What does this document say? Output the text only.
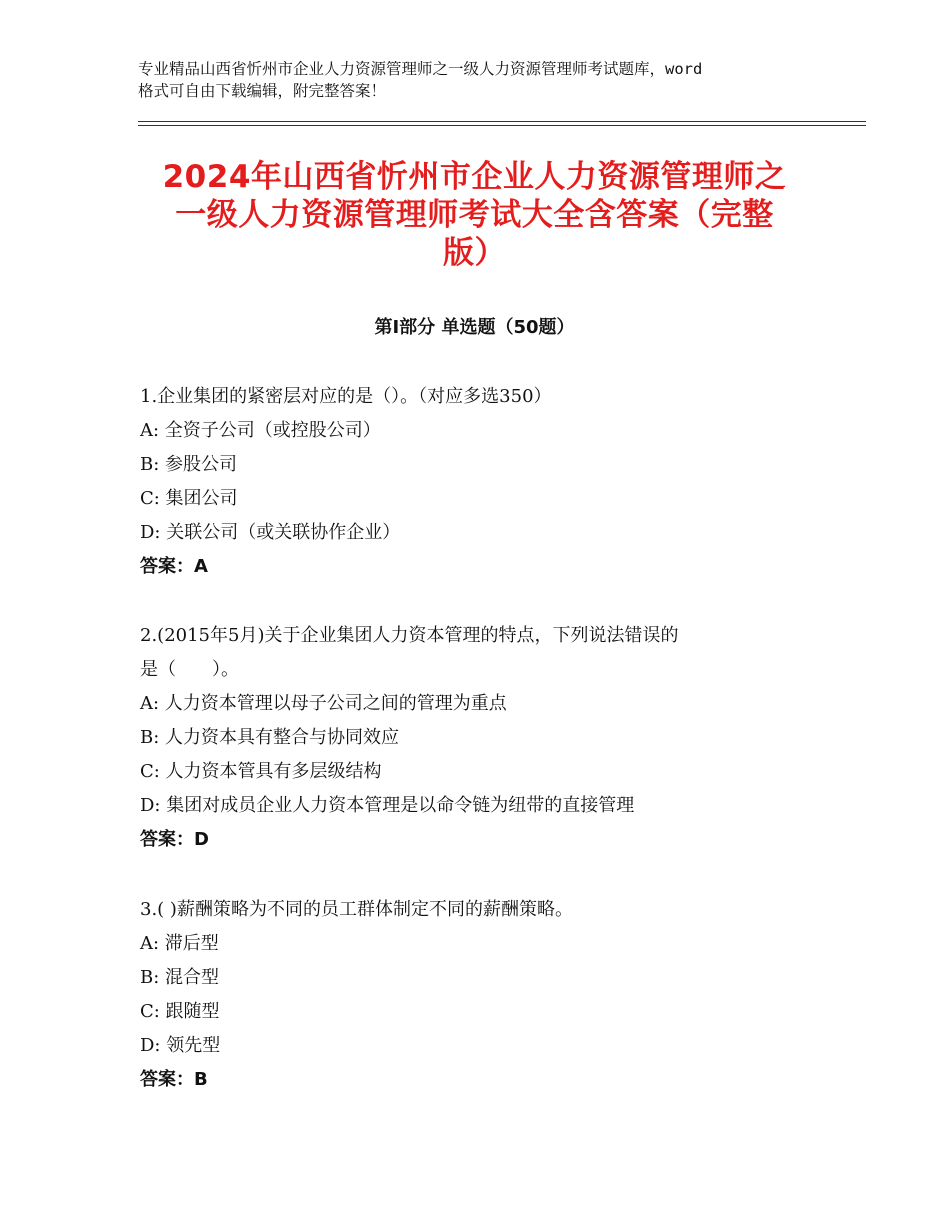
专业精品山西省忻州市企业人力资源管理师之一级人力资源管理师考试题库，word
格式可自由下载编辑，附完整答案！
2024年山西省忻州市企业人力资源管理师之
一级人力资源管理师考试大全含答案（完整
版）
第Ⅰ部分 单选题（50题）
1.企业集团的紧密层对应的是（）。（对应多选350）
A: 全资子公司（或控股公司）
B: 参股公司
C: 集团公司
D: 关联公司（或关联协作企业）
答案：A
2.(2015年5月)关于企业集团人力资本管理的特点，下列说法错误的
是（　　）。
A: 人力资本管理以母子公司之间的管理为重点
B: 人力资本具有整合与协同效应
C: 人力资本管具有多层级结构
D: 集团对成员企业人力资本管理是以命令链为纽带的直接管理
答案：D
3.( )薪酬策略为不同的员工群体制定不同的薪酬策略。
A: 滞后型
B: 混合型
C: 跟随型
D: 领先型
答案：B
